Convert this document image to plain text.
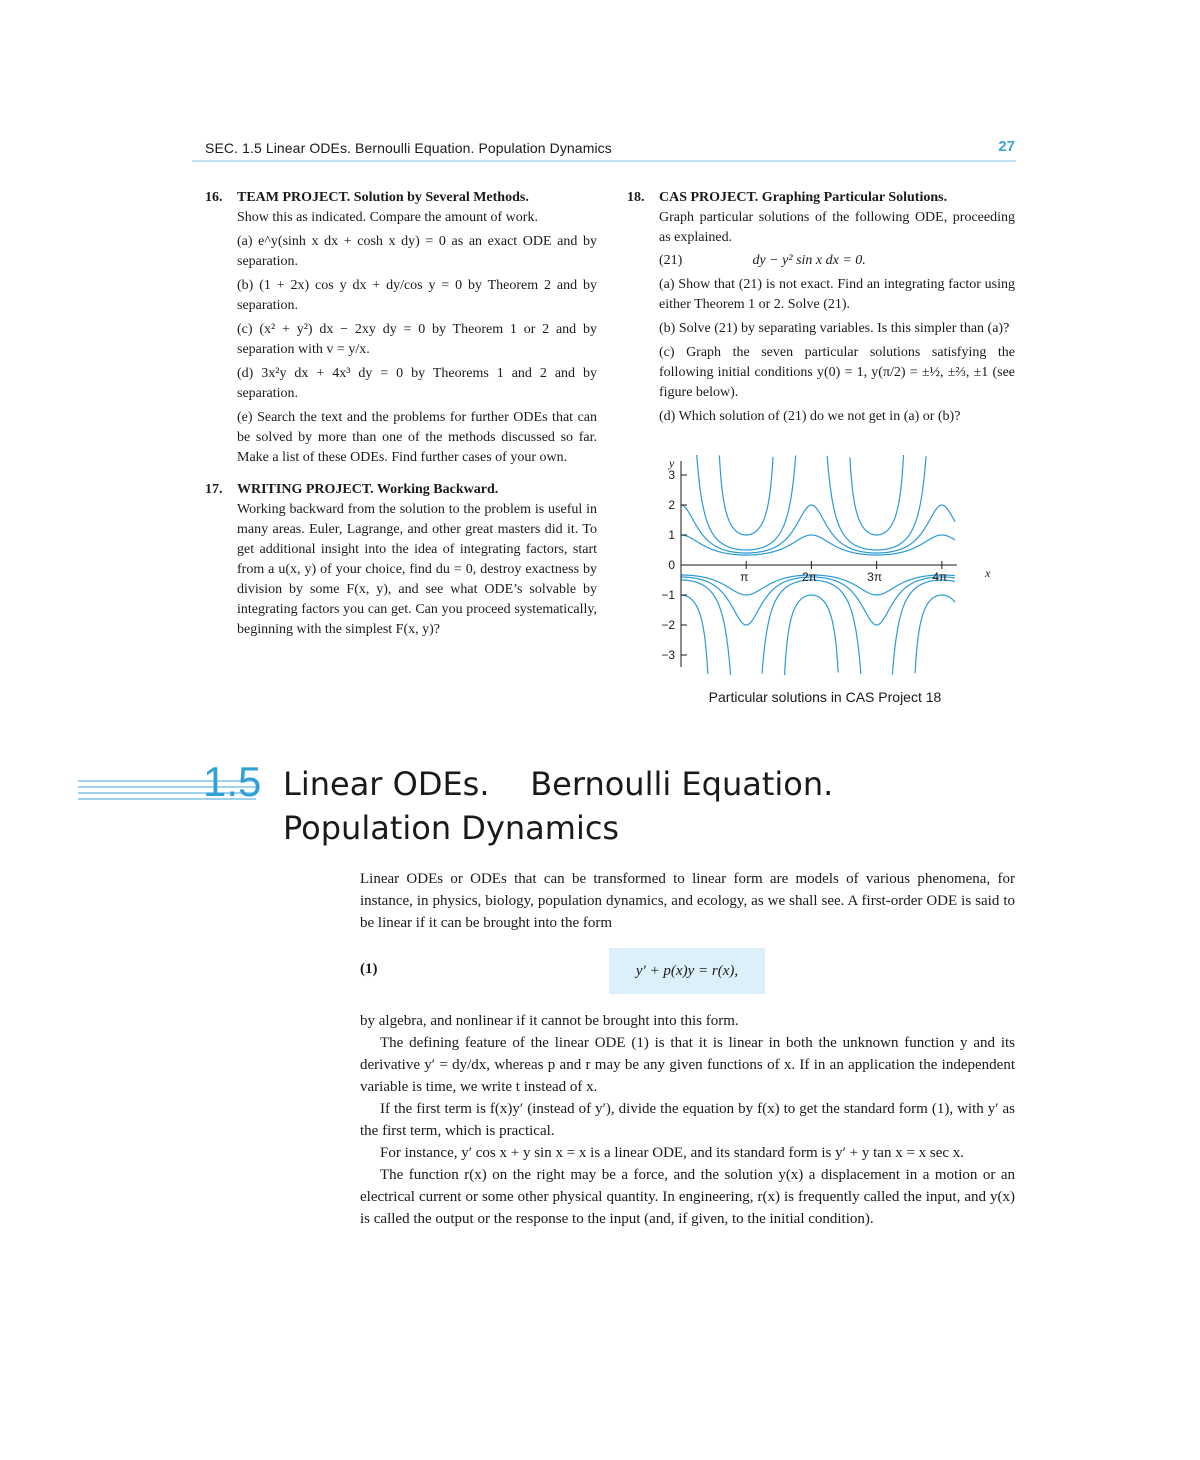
SEC. 1.5 Linear ODEs. Bernoulli Equation. Population Dynamics	27
16. TEAM PROJECT. Solution by Several Methods.
Show this as indicated. Compare the amount of work.
(a) e^y(sinh x dx + cosh x dy) = 0 as an exact ODE and by separation.
(b) (1 + 2x) cos y dx + dy/cos y = 0 by Theorem 2 and by separation.
(c) (x² + y²) dx − 2xy dy = 0 by Theorem 1 or 2 and by separation with v = y/x.
(d) 3x²y dx + 4x³ dy = 0 by Theorems 1 and 2 and by separation.
(e) Search the text and the problems for further ODEs that can be solved by more than one of the methods discussed so far. Make a list of these ODEs. Find further cases of your own.
17. WRITING PROJECT. Working Backward.
Working backward from the solution to the problem is useful in many areas. Euler, Lagrange, and other great masters did it. To get additional insight into the idea of integrating factors, start from a u(x, y) of your choice, find du = 0, destroy exactness by division by some F(x, y), and see what ODE’s solvable by integrating factors you can get. Can you proceed systematically, beginning with the simplest F(x, y)?
18. CAS PROJECT. Graphing Particular Solutions.
Graph particular solutions of the following ODE, proceeding as explained.
(21)	dy − y² sin x dx = 0.
(a) Show that (21) is not exact. Find an integrating factor using either Theorem 1 or 2. Solve (21).
(b) Solve (21) by separating variables. Is this simpler than (a)?
(c) Graph the seven particular solutions satisfying the following initial conditions y(0) = 1, y(π/2) = ±½, ±⅔, ±1 (see figure below).
(d) Which solution of (21) do we not get in (a) or (b)?
3
2
1
0
−1
−2
−3
π	2π	3π	4π	x
y
Particular solutions in CAS Project 18
1.5 Linear ODEs.    Bernoulli Equation.
Population Dynamics

Linear ODEs or ODEs that can be transformed to linear form are models of various phenomena, for instance, in physics, biology, population dynamics, and ecology, as we shall see. A first-order ODE is said to be linear if it can be brought into the form

(1)	y′ + p(x)y = r(x),

by algebra, and nonlinear if it cannot be brought into this form.

The defining feature of the linear ODE (1) is that it is linear in both the unknown function y and its derivative y′ = dy/dx, whereas p and r may be any given functions of x. If in an application the independent variable is time, we write t instead of x.

If the first term is f(x)y′ (instead of y′), divide the equation by f(x) to get the standard form (1), with y′ as the first term, which is practical.

For instance, y′ cos x + y sin x = x is a linear ODE, and its standard form is y′ + y tan x = x sec x.

The function r(x) on the right may be a force, and the solution y(x) a displacement in a motion or an electrical current or some other physical quantity. In engineering, r(x) is frequently called the input, and y(x) is called the output or the response to the input (and, if given, to the initial condition).
